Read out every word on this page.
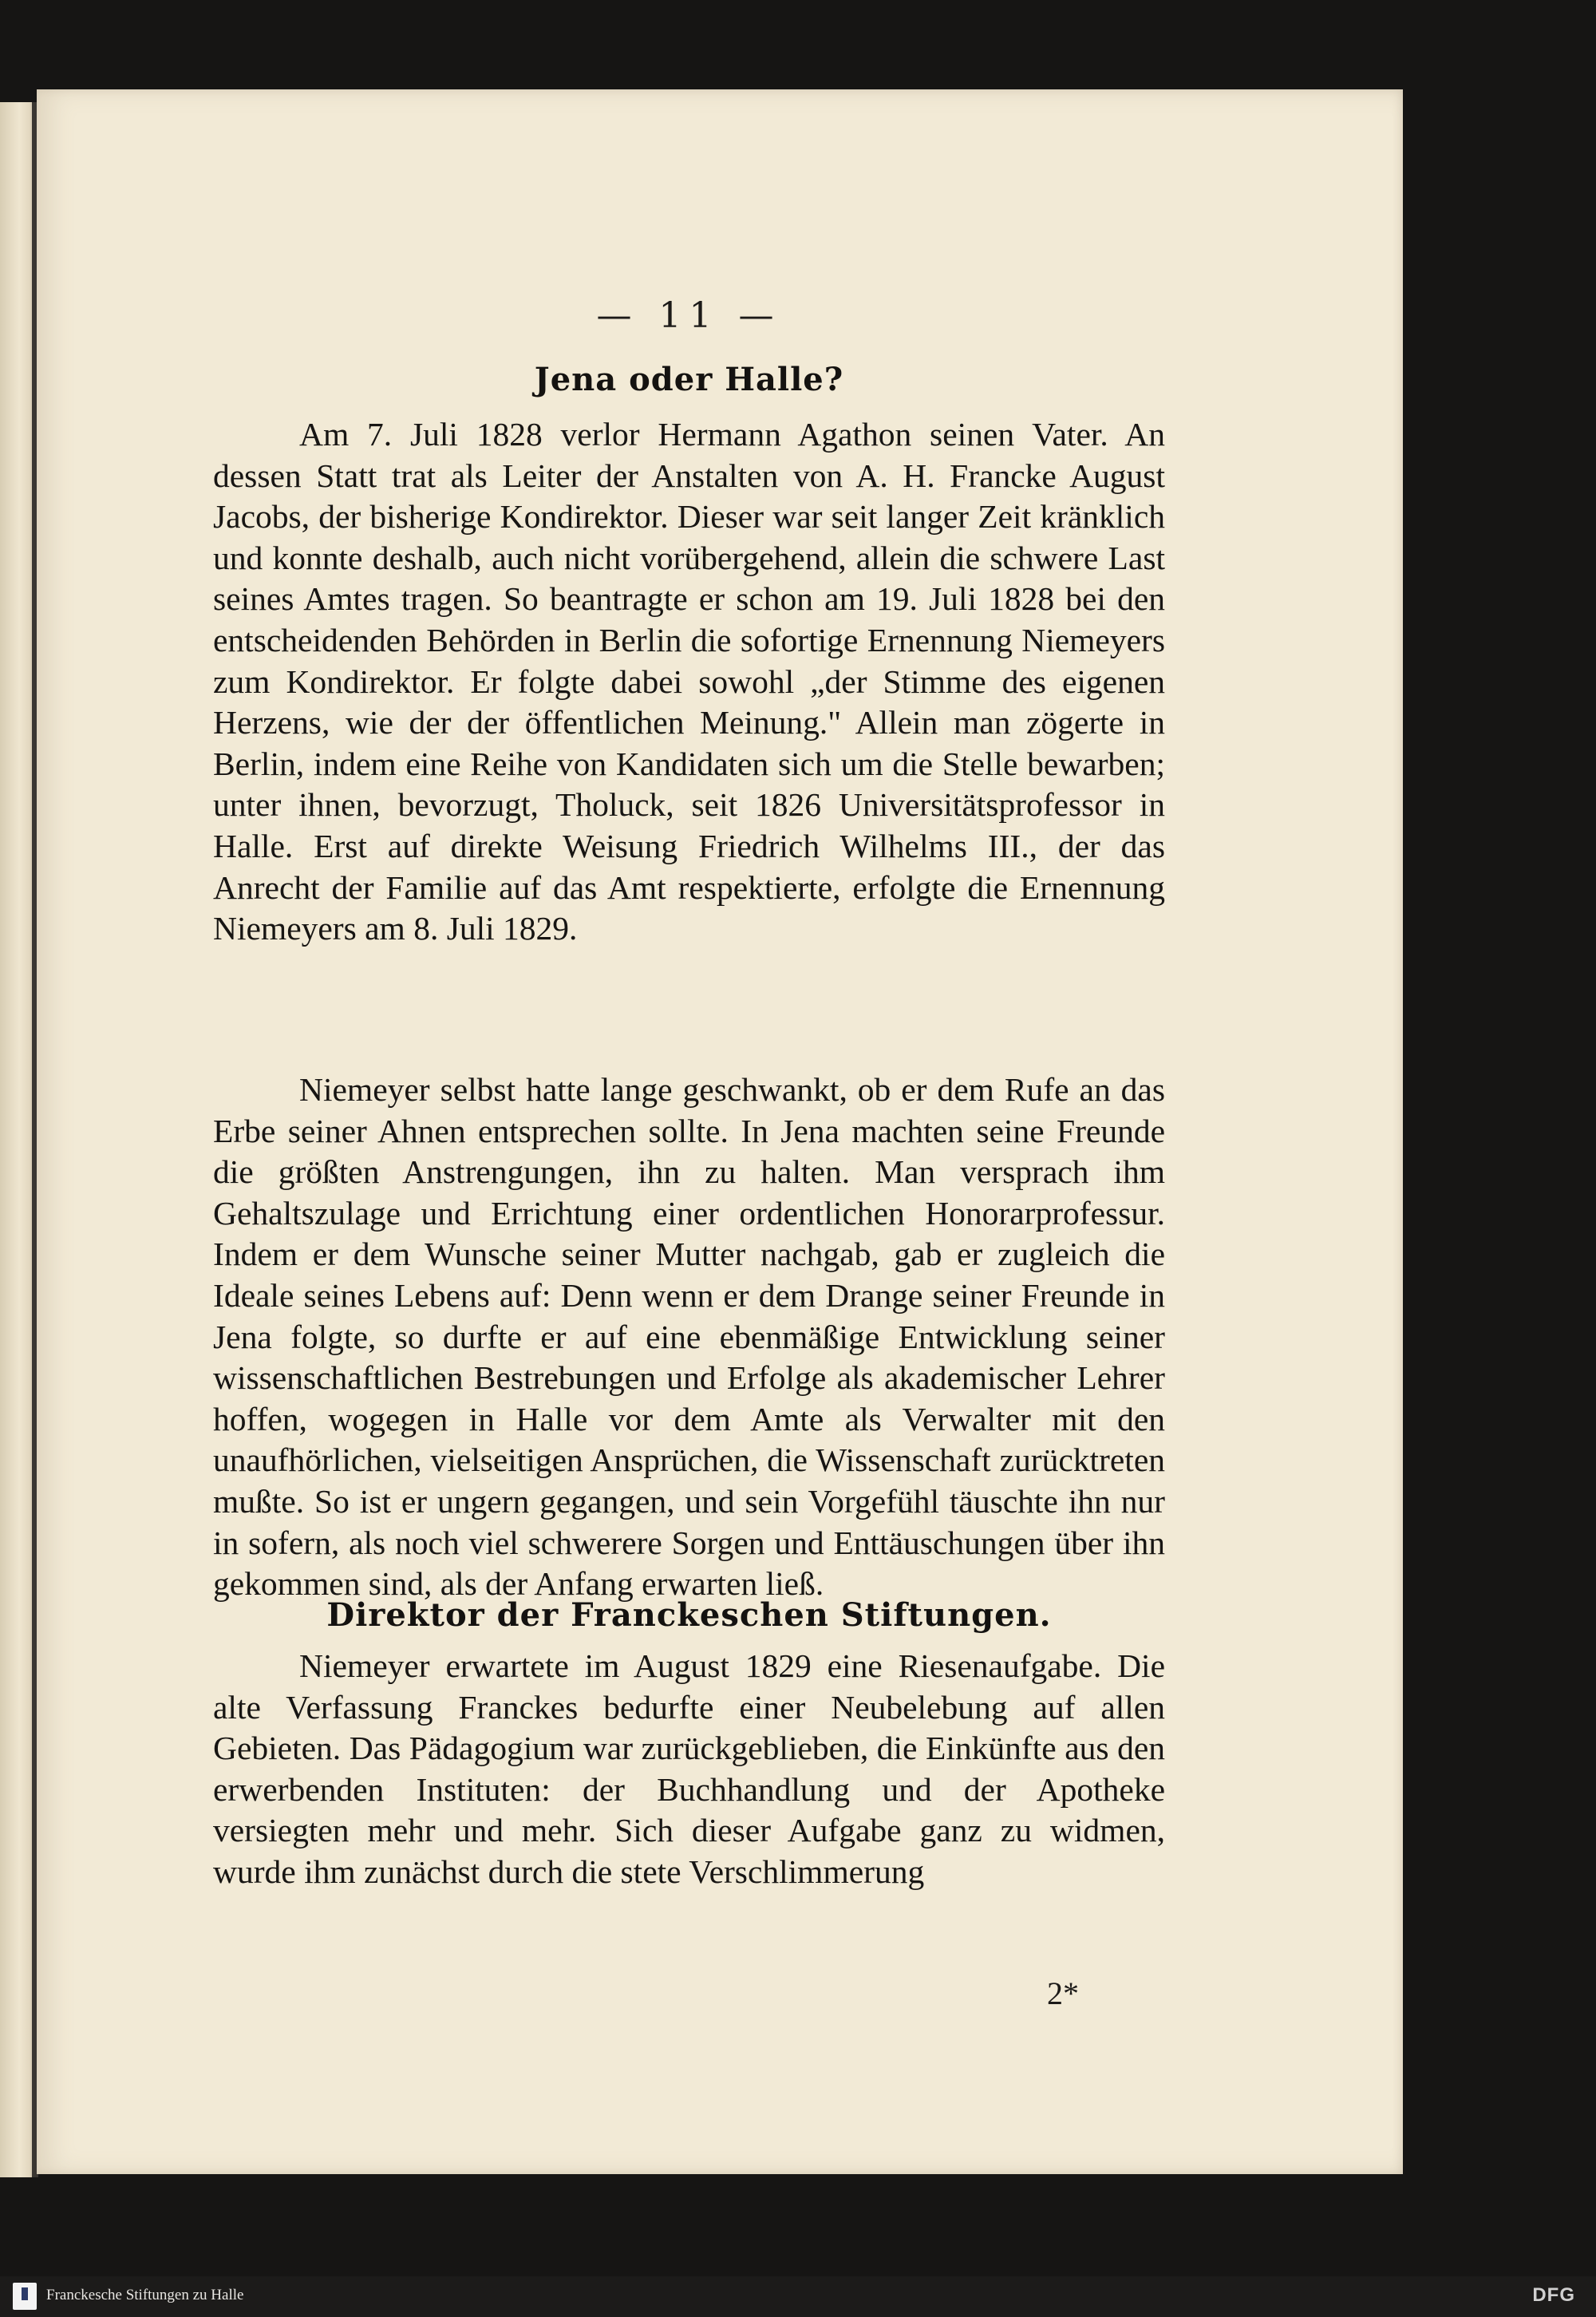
— 11 —
Jena oder Halle?

Am 7. Juli 1828 verlor Hermann Agathon seinen Vater. An dessen Statt trat als Leiter der Anstalten von A. H. Francke August Jacobs, der bisherige Kondirektor. Dieser war seit langer Zeit kränklich und konnte deshalb, auch nicht vorübergehend, allein die schwere Last seines Amtes tragen. So beantragte er schon am 19. Juli 1828 bei den entscheidenden Behörden in Berlin die sofortige Ernennung Niemeyers zum Kondirektor. Er folgte dabei sowohl „der Stimme des eigenen Herzens, wie der der öffentlichen Meinung." Allein man zögerte in Berlin, indem eine Reihe von Kandidaten sich um die Stelle bewarben; unter ihnen, bevorzugt, Tholuck, seit 1826 Universitätsprofessor in Halle. Erst auf direkte Weisung Friedrich Wilhelms III., der das Anrecht der Familie auf das Amt respektierte, erfolgte die Ernennung Niemeyers am 8. Juli 1829.

Niemeyer selbst hatte lange geschwankt, ob er dem Rufe an das Erbe seiner Ahnen entsprechen sollte. In Jena machten seine Freunde die größten Anstrengungen, ihn zu halten. Man versprach ihm Gehaltszulage und Errichtung einer ordentlichen Honorarprofessur. Indem er dem Wunsche seiner Mutter nachgab, gab er zugleich die Ideale seines Lebens auf: Denn wenn er dem Drange seiner Freunde in Jena folgte, so durfte er auf eine ebenmäßige Entwicklung seiner wissenschaftlichen Bestrebungen und Erfolge als akademischer Lehrer hoffen, wogegen in Halle vor dem Amte als Verwalter mit den unaufhörlichen, vielseitigen Ansprüchen, die Wissenschaft zurücktreten mußte. So ist er ungern gegangen, und sein Vorgefühl täuschte ihn nur in sofern, als noch viel schwerere Sorgen und Enttäuschungen über ihn gekommen sind, als der Anfang erwarten ließ.

Direktor der Franckeschen Stiftungen.

Niemeyer erwartete im August 1829 eine Riesenaufgabe. Die alte Verfassung Franckes bedurfte einer Neubelebung auf allen Gebieten. Das Pädagogium war zurückgeblieben, die Einkünfte aus den erwerbenden Instituten: der Buchhandlung und der Apotheke versiegten mehr und mehr. Sich dieser Aufgabe ganz zu widmen, wurde ihm zunächst durch die stete Verschlimmerung

2*
Franckesche Stiftungen zu Halle	DFG
